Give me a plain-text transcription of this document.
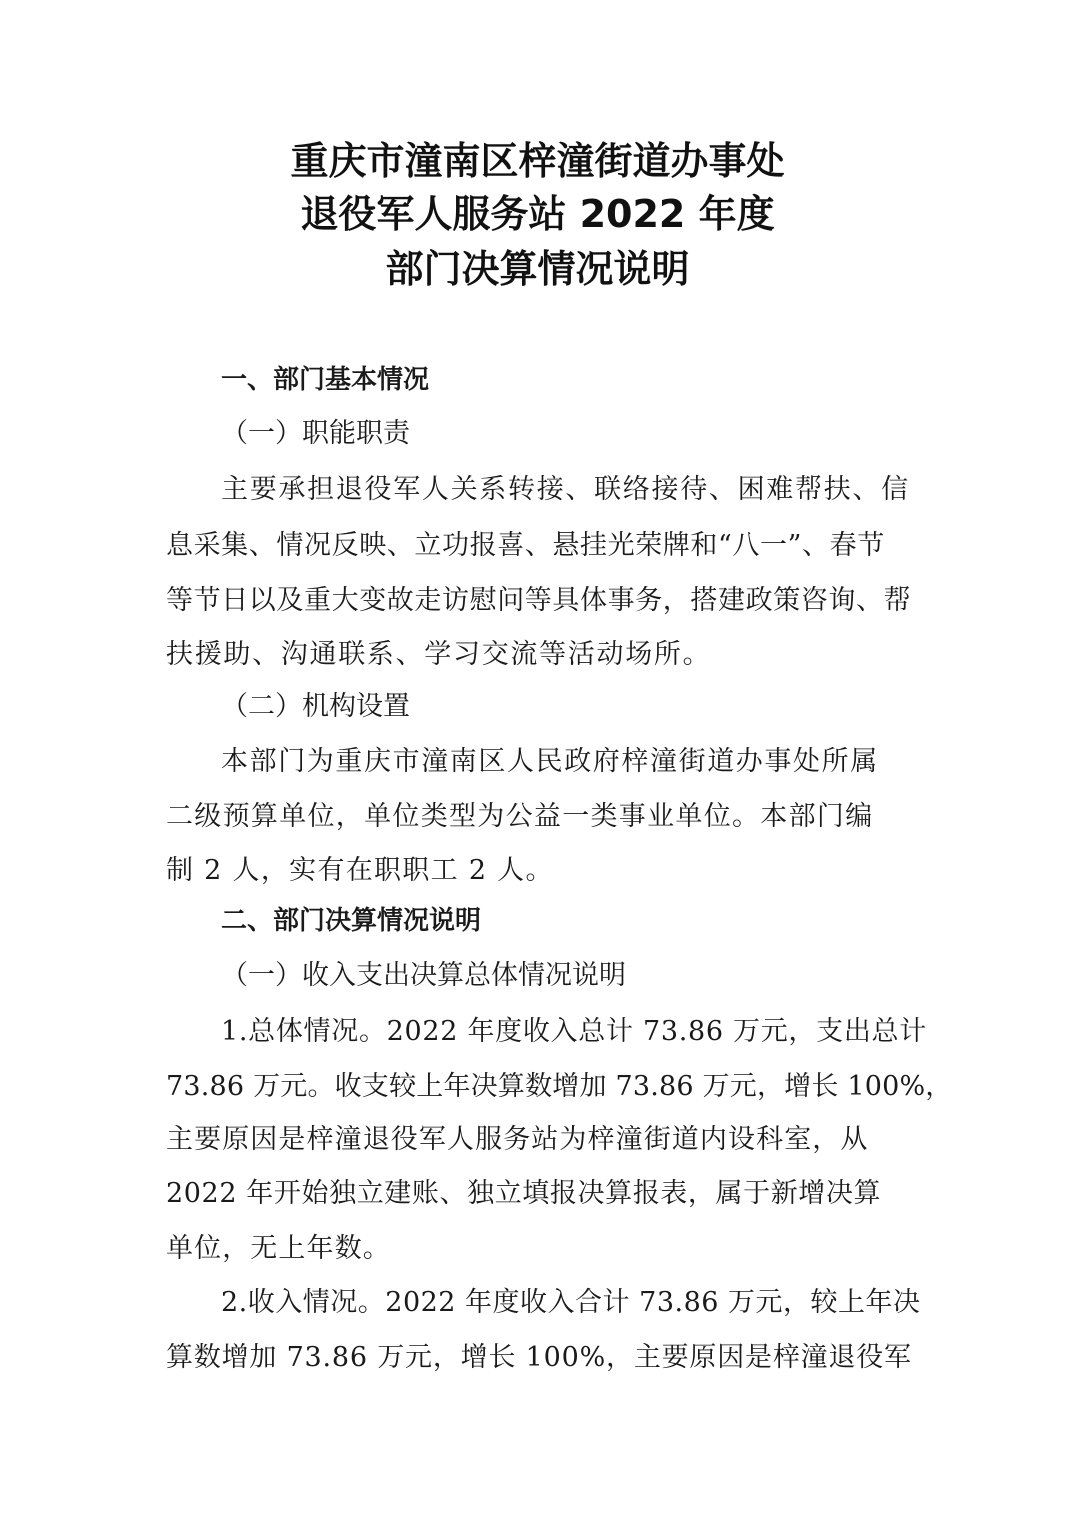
重庆市潼南区梓潼街道办事处
退役军人服务站 2022 年度
部门决算情况说明
一、部门基本情况
（一）职能职责
主要承担退役军人关系转接、联络接待、困难帮扶、信
息采集、情况反映、立功报喜、悬挂光荣牌和“八一”、春节
等节日以及重大变故走访慰问等具体事务，搭建政策咨询、帮
扶援助、沟通联系、学习交流等活动场所。
（二）机构设置
本部门为重庆市潼南区人民政府梓潼街道办事处所属
二级预算单位，单位类型为公益一类事业单位。本部门编
制 2 人，实有在职职工 2 人。
二、部门决算情况说明
（一）收入支出决算总体情况说明
1.总体情况。2022 年度收入总计 73.86 万元，支出总计
73.86 万元。收支较上年决算数增加 73.86 万元，增长 100%，
主要原因是梓潼退役军人服务站为梓潼街道内设科室，从
2022 年开始独立建账、独立填报决算报表，属于新增决算
单位，无上年数。
2.收入情况。2022 年度收入合计 73.86 万元，较上年决
算数增加 73.86 万元，增长 100%，主要原因是梓潼退役军
